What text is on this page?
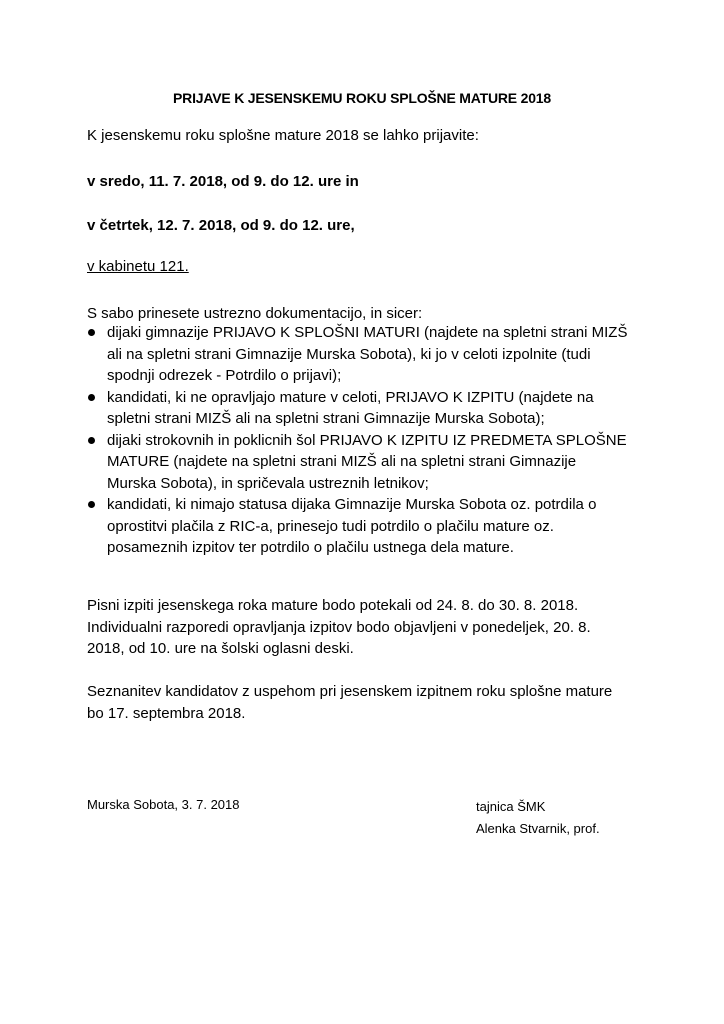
PRIJAVE K JESENSKEMU ROKU SPLOŠNE MATURE 2018
K jesenskemu roku splošne mature 2018 se lahko prijavite:
v sredo, 11. 7. 2018, od 9. do 12. ure in
v četrtek, 12. 7. 2018, od 9. do 12. ure,
v kabinetu 121.
S sabo prinesete ustrezno dokumentacijo, in sicer:
dijaki gimnazije PRIJAVO K SPLOŠNI MATURI (najdete na spletni strani MIZŠ
ali na spletni strani Gimnazije Murska Sobota), ki jo v celoti izpolnite (tudi
spodnji odrezek - Potrdilo o prijavi);
kandidati, ki ne opravljajo mature v celoti, PRIJAVO K IZPITU (najdete na
spletni strani MIZŠ ali na spletni strani Gimnazije Murska Sobota);
dijaki strokovnih in poklicnih šol PRIJAVO K IZPITU IZ PREDMETA SPLOŠNE
MATURE (najdete na spletni strani MIZŠ ali na spletni strani Gimnazije
Murska Sobota), in spričevala ustreznih letnikov;
kandidati, ki nimajo statusa dijaka Gimnazije Murska Sobota oz. potrdila o
oprostitvi plačila z RIC-a, prinesejo tudi potrdilo o plačilu mature oz.
posameznih izpitov ter potrdilo o plačilu ustnega dela mature.
Pisni izpiti jesenskega roka mature bodo potekali od 24. 8. do 30. 8. 2018.
Individualni razporedi opravljanja izpitov bodo objavljeni v ponedeljek, 20. 8.
2018, od 10. ure na šolski oglasni deski.
Seznanitev kandidatov z uspehom pri jesenskem izpitnem roku splošne mature
bo 17. septembra 2018.
Murska Sobota, 3. 7. 2018	tajnica ŠMK
Alenka Stvarnik, prof.
